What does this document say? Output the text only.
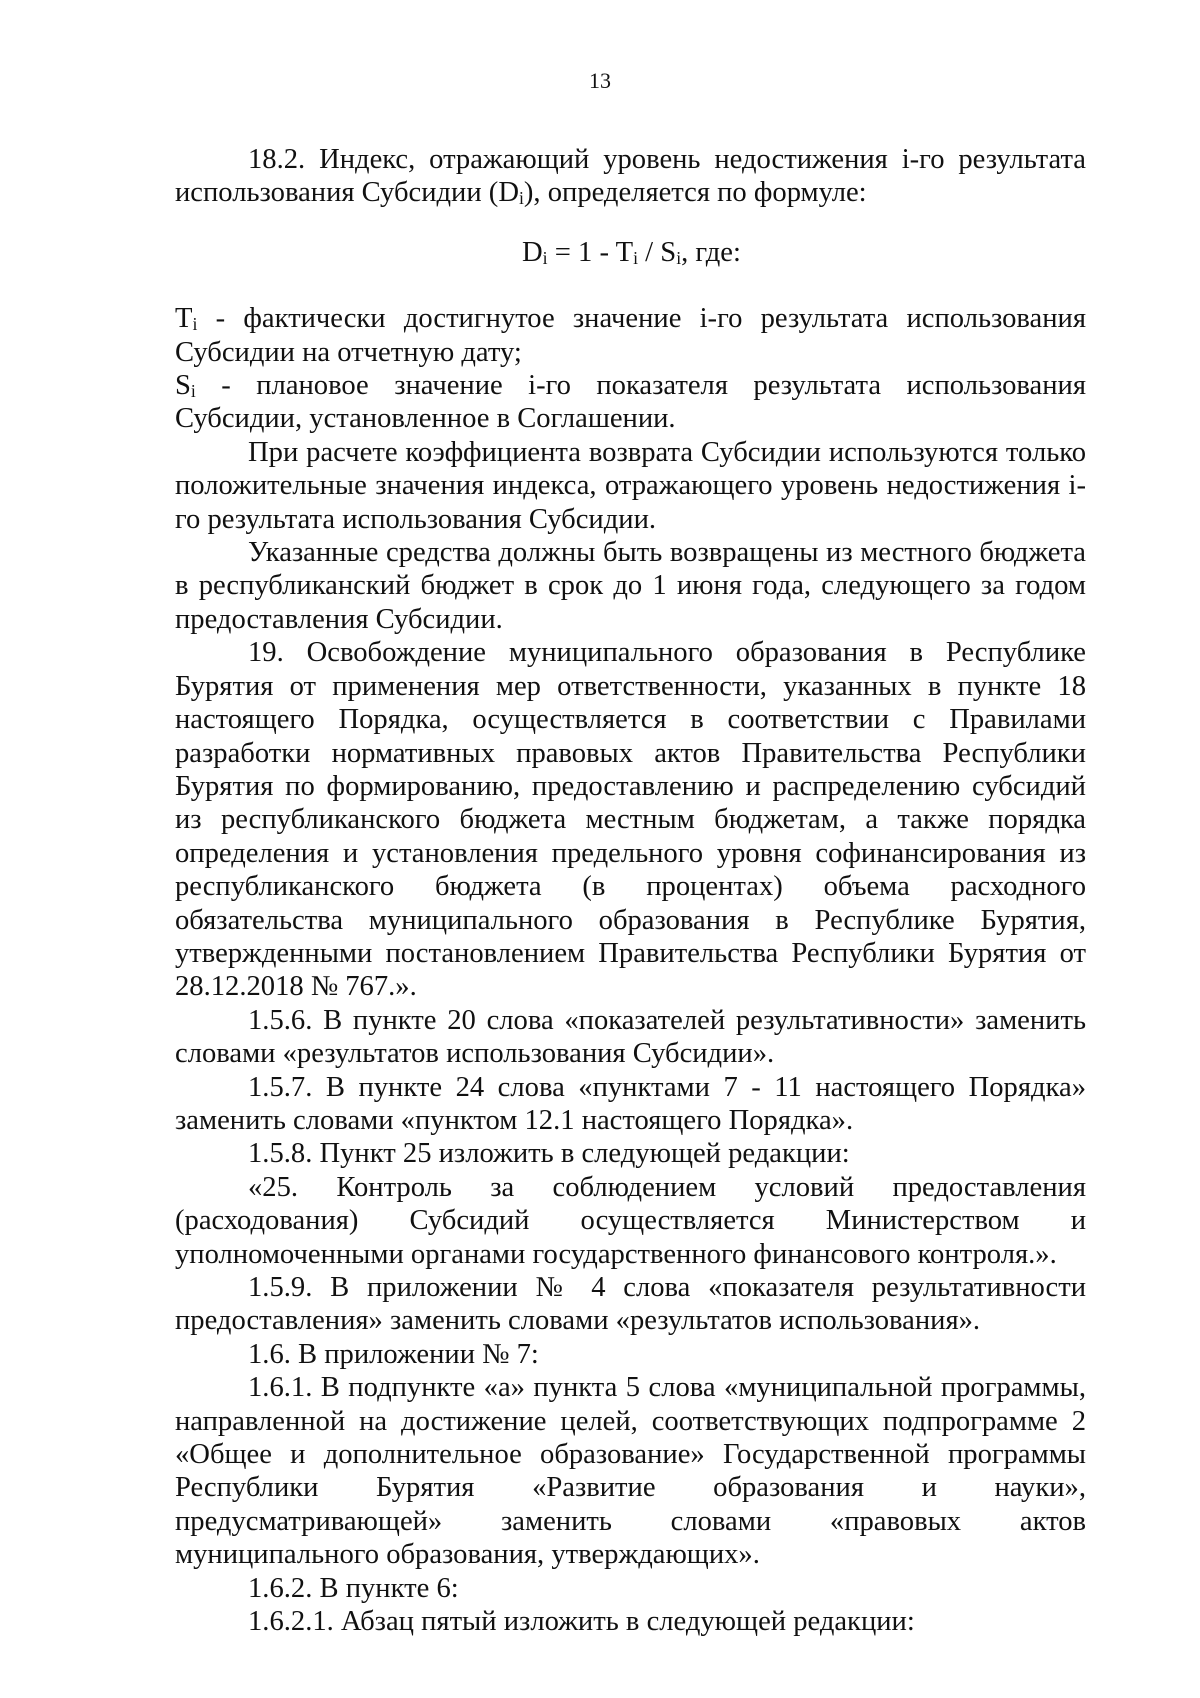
13

18.2. Индекс, отражающий уровень недостижения i-го результата использования Субсидии $(D_i)$, определяется по формуле:

$D_i = 1 - T_i / S_i$, где:

$T_i$ - фактически достигнутое значение i-го результата использования Субсидии на отчетную дату;

$S_i$ - плановое значение i-го показателя результата использования Субсидии, установленное в Соглашении.

При расчете коэффициента возврата Субсидии используются только положительные значения индекса, отражающего уровень недостижения i-го результата использования Субсидии.

Указанные средства должны быть возвращены из местного бюджета в республиканский бюджет в срок до 1 июня года, следующего за годом предоставления Субсидии.

19. Освобождение муниципального образования в Республике Бурятия от применения мер ответственности, указанных в пункте 18 настоящего Порядка, осуществляется в соответствии с Правилами разработки нормативных правовых актов Правительства Республики Бурятия по формированию, предоставлению и распределению субсидий из республиканского бюджета местным бюджетам, а также порядка определения и установления предельного уровня софинансирования из республиканского бюджета (в процентах) объема расходного обязательства муниципального образования в Республике Бурятия, утвержденными постановлением Правительства Республики Бурятия от 28.12.2018 № 767.».

1.5.6. В пункте 20 слова «показателей результативности» заменить словами «результатов использования Субсидии».

1.5.7. В пункте 24 слова «пунктами 7 - 11 настоящего Порядка» заменить словами «пунктом 12.1 настоящего Порядка».

1.5.8. Пункт 25 изложить в следующей редакции:

«25. Контроль за соблюдением условий предоставления (расходования) Субсидий осуществляется Министерством и уполномоченными органами государственного финансового контроля.».

1.5.9. В приложении № 4 слова «показателя результативности предоставления» заменить словами «результатов использования».

1.6. В приложении № 7:

1.6.1. В подпункте «а» пункта 5 слова «муниципальной программы, направленной на достижение целей, соответствующих подпрограмме 2 «Общее и дополнительное образование» Государственной программы Республики Бурятия «Развитие образования и науки», предусматривающей» заменить словами «правовых актов муниципального образования, утверждающих».

1.6.2. В пункте 6:

1.6.2.1. Абзац пятый изложить в следующей редакции:
